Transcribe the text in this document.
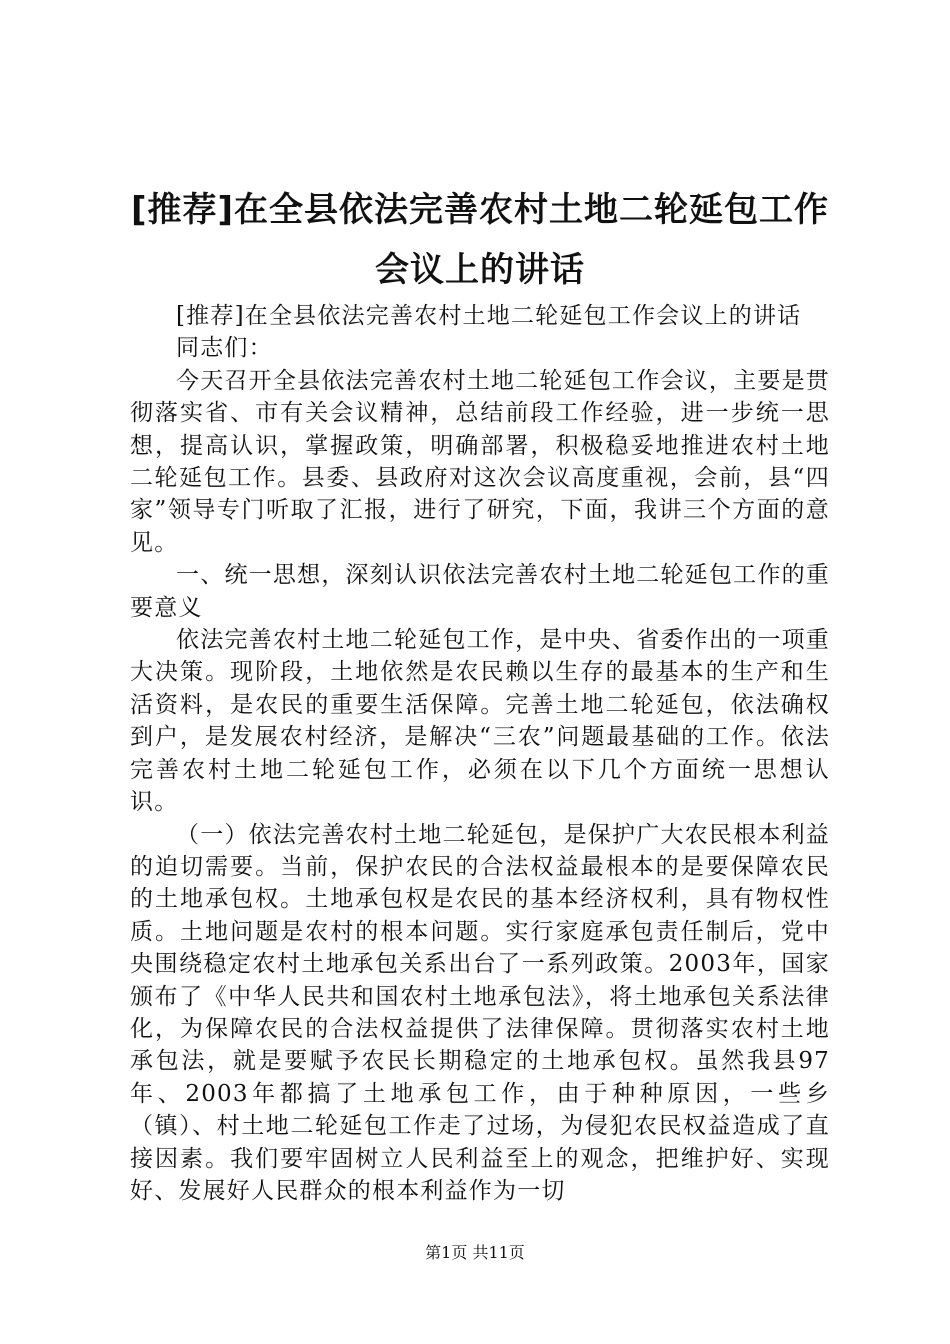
[推荐]在全县依法完善农村土地二轮延包工作
会议上的讲话

[推荐]在全县依法完善农村土地二轮延包工作会议上的讲话

同志们：

今天召开全县依法完善农村土地二轮延包工作会议，主要是贯彻落实省、市有关会议精神，总结前段工作经验，进一步统一思想，提高认识，掌握政策，明确部署，积极稳妥地推进农村土地二轮延包工作。县委、县政府对这次会议高度重视，会前，县“四家”领导专门听取了汇报，进行了研究，下面，我讲三个方面的意见。

一、统一思想，深刻认识依法完善农村土地二轮延包工作的重要意义

依法完善农村土地二轮延包工作，是中央、省委作出的一项重大决策。现阶段，土地依然是农民赖以生存的最基本的生产和生活资料，是农民的重要生活保障。完善土地二轮延包，依法确权到户，是发展农村经济，是解决“三农”问题最基础的工作。依法完善农村土地二轮延包工作，必须在以下几个方面统一思想认识。

（一）依法完善农村土地二轮延包，是保护广大农民根本利益的迫切需要。当前，保护农民的合法权益最根本的是要保障农民的土地承包权。土地承包权是农民的基本经济权利，具有物权性质。土地问题是农村的根本问题。实行家庭承包责任制后，党中央围绕稳定农村土地承包关系出台了一系列政策。2003年，国家颁布了《中华人民共和国农村土地承包法》，将土地承包关系法律化，为保障农民的合法权益提供了法律保障。贯彻落实农村土地承包法，就是要赋予农民长期稳定的土地承包权。虽然我县97年、2003年都搞了土地承包工作，由于种种原因，一些乡（镇）、村土地二轮延包工作走了过场，为侵犯农民权益造成了直接因素。我们要牢固树立人民利益至上的观念，把维护好、实现好、发展好人民群众的根本利益作为一切

第1页 共11页
